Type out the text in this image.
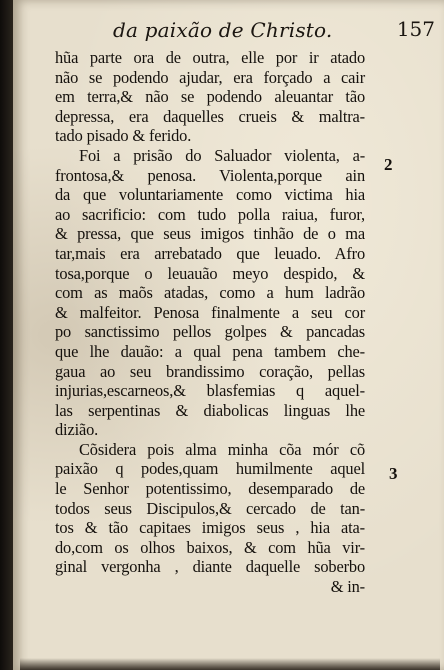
da paixão de Christo.	157
hũa parte ora de outra, elle por ir atado
não se podendo ajudar, era forçado a cair
em terra,& não se podendo aleuantar tão
depressa, era daquelles crueis & maltra-
tado pisado & ferido.
Foi a prisão do Saluador violenta, a-
frontosa,& penosa. Violenta,porque ain
da que voluntariamente como victima hia
ao sacrificio: com tudo polla raiua, furor,
& pressa, que seus imigos tinhão de o ma
tar,mais era arrebatado que leuado. Afro
tosa,porque o leuauão meyo despido, &
com as maõs atadas, como a hum ladrão
& malfeitor. Penosa finalmente a seu cor
po sanctissimo pellos golpes & pancadas
que lhe dauão: a qual pena tambem che-
gaua ao seu brandissimo coração, pellas
injurias,escarneos,& blasfemias q aquel-
las serpentinas & diabolicas linguas lhe
dizião.
Cõsidera pois alma minha cõa mór cõ
paixão q podes,quam humilmente aquel
le Senhor potentissimo, desemparado de
todos seus Discipulos,& cercado de tan-
tos & tão capitaes imigos seus , hia ata-
do,com os olhos baixos, & com hũa vir-
ginal vergonha , diante daquelle soberbo
& in-
2
3
